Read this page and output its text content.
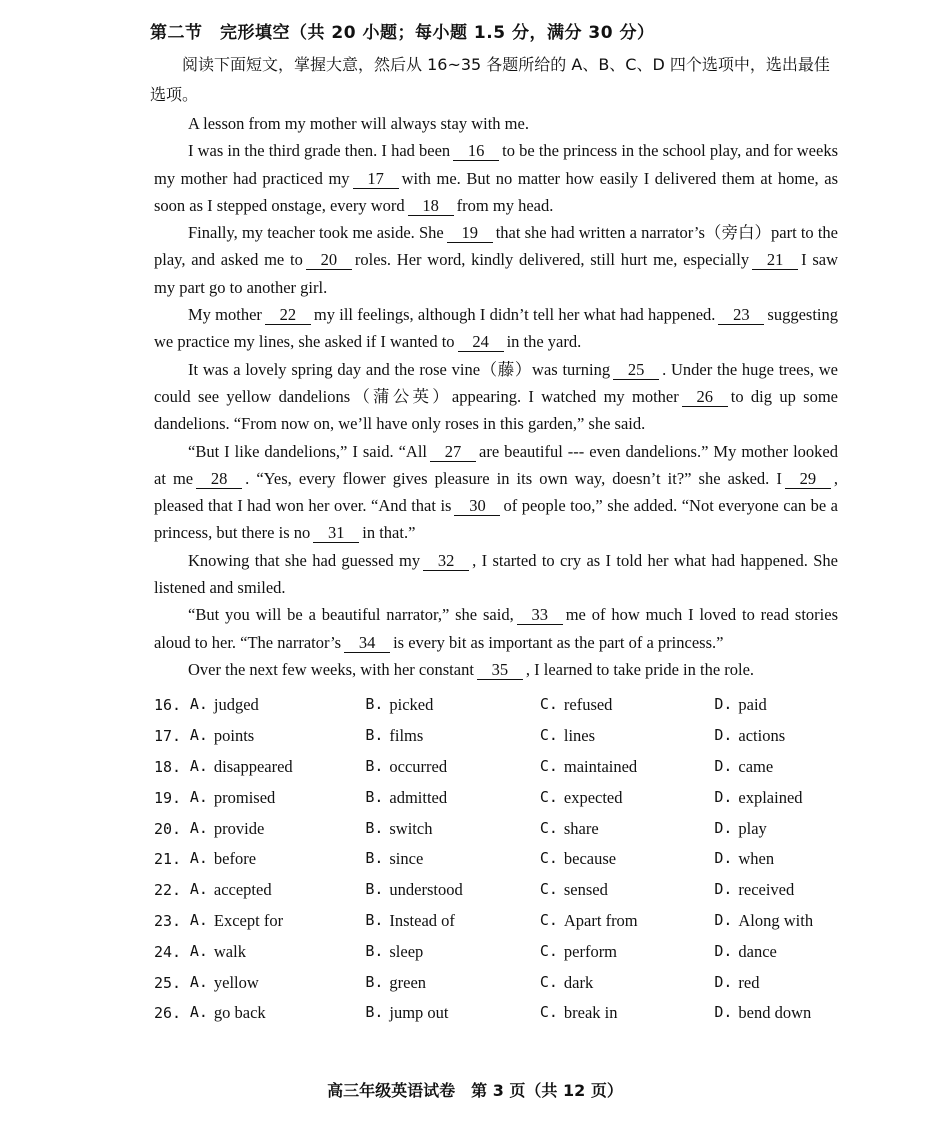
第二节　完形填空（共 20 小题；每小题 1.5 分，满分 30 分）
阅读下面短文，掌握大意，然后从 16~35 各题所给的 A、B、C、D 四个选项中，选出最佳选项。

A lesson from my mother will always stay with me.

I was in the third grade then. I had been 16 to be the princess in the school play, and for weeks my mother had practiced my 17 with me. But no matter how easily I delivered them at home, as soon as I stepped onstage, every word 18 from my head.

Finally, my teacher took me aside. She 19 that she had written a narrator’s（旁白）part to the play, and asked me to 20 roles. Her word, kindly delivered, still hurt me, especially 21 I saw my part go to another girl.

My mother 22 my ill feelings, although I didn’t tell her what had happened. 23 suggesting we practice my lines, she asked if I wanted to 24 in the yard.

It was a lovely spring day and the rose vine（藤）was turning 25 . Under the huge trees, we could see yellow dandelions（蒲公英）appearing. I watched my mother 26 to dig up some dandelions. “From now on, we’ll have only roses in this garden,” she said.

“But I like dandelions,” I said. “All 27 are beautiful --- even dandelions.” My mother looked at me 28 . “Yes, every flower gives pleasure in its own way, doesn’t it?” she asked. I 29 , pleased that I had won her over. “And that is 30 of people too,” she added. “Not everyone can be a princess, but there is no 31 in that.”

Knowing that she had guessed my 32 , I started to cry as I told her what had happened. She listened and smiled.

“But you will be a beautiful narrator,” she said, 33 me of how much I loved to read stories aloud to her. “The narrator’s 34 is every bit as important as the part of a princess.”

Over the next few weeks, with her constant 35 , I learned to take pride in the role.

16. A. judged	B. picked	C. refused	D. paid
17. A. points	B. films	C. lines	D. actions
18. A. disappeared	B. occurred	C. maintained	D. came
19. A. promised	B. admitted	C. expected	D. explained
20. A. provide	B. switch	C. share	D. play
21. A. before	B. since	C. because	D. when
22. A. accepted	B. understood	C. sensed	D. received
23. A. Except for	B. Instead of	C. Apart from	D. Along with
24. A. walk	B. sleep	C. perform	D. dance
25. A. yellow	B. green	C. dark	D. red
26. A. go back	B. jump out	C. break in	D. bend down
高三年级英语试卷　第 3 页（共 12 页）
